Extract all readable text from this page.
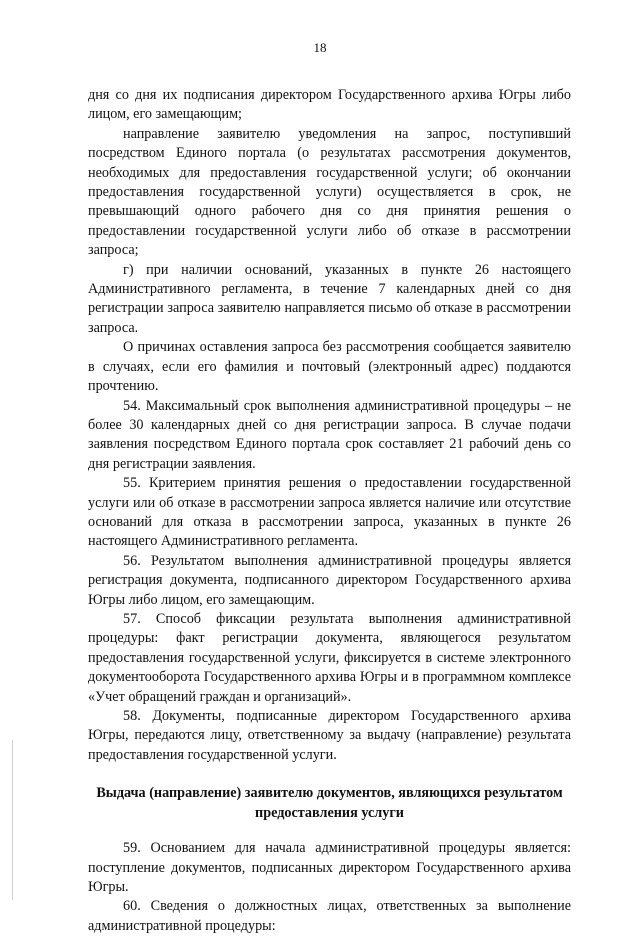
18

дня со дня их подписания директором Государственного архива Югры либо лицом, его замещающим;

направление заявителю уведомления на запрос, поступивший посредством Единого портала (о результатах рассмотрения документов, необходимых для предоставления государственной услуги; об окончании предоставления государственной услуги) осуществляется в срок, не превышающий одного рабочего дня со дня принятия решения о предоставлении государственной услуги либо об отказе в рассмотрении запроса;

г) при наличии оснований, указанных в пункте 26 настоящего Административного регламента, в течение 7 календарных дней со дня регистрации запроса заявителю направляется письмо об отказе в рассмотрении запроса.

О причинах оставления запроса без рассмотрения сообщается заявителю в случаях, если его фамилия и почтовый (электронный адрес) поддаются прочтению.

54. Максимальный срок выполнения административной процедуры – не более 30 календарных дней со дня регистрации запроса. В случае подачи заявления посредством Единого портала срок составляет 21 рабочий день со дня регистрации заявления.

55. Критерием принятия решения о предоставлении государственной услуги или об отказе в рассмотрении запроса является наличие или отсутствие оснований для отказа в рассмотрении запроса, указанных в пункте 26 настоящего Административного регламента.

56. Результатом выполнения административной процедуры является регистрация документа, подписанного директором Государственного архива Югры либо лицом, его замещающим.

57. Способ фиксации результата выполнения административной процедуры: факт регистрации документа, являющегося результатом предоставления государственной услуги, фиксируется в системе электронного документооборота Государственного архива Югры и в программном комплексе «Учет обращений граждан и организаций».

58. Документы, подписанные директором Государственного архива Югры, передаются лицу, ответственному за выдачу (направление) результата предоставления государственной услуги.

Выдача (направление) заявителю документов, являющихся результатом предоставления услуги

59. Основанием для начала административной процедуры является: поступление документов, подписанных директором Государственного архива Югры.

60. Сведения о должностных лицах, ответственных за выполнение административной процедуры:
